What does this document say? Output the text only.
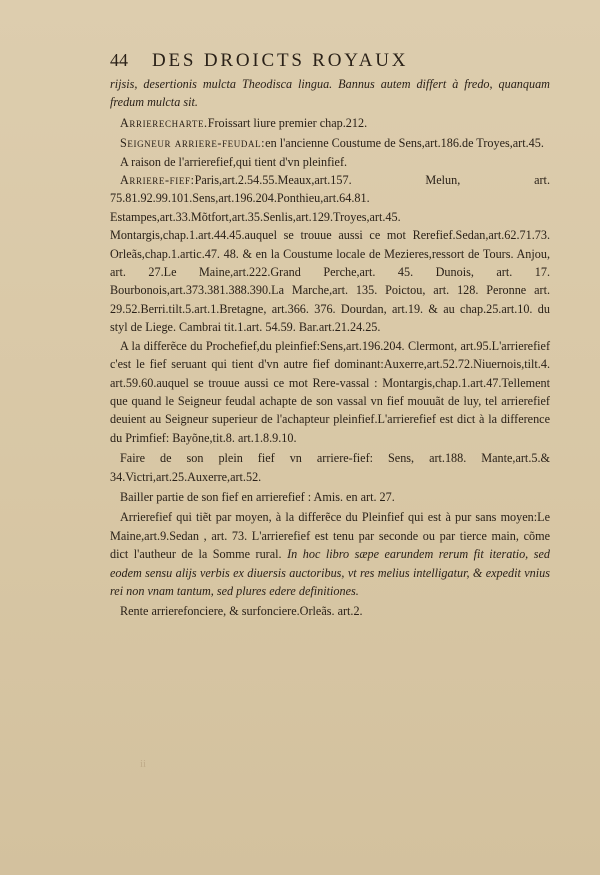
44 DES DROICTS ROYAUX

rijsis, desertionis mulcta Theodisca lingua. Bannus autem differt à fredo, quanquam fredum mulcta sit.

Arrierecharte.Froissart liure premier chap.212.

Seigneur arriere-feudal:en l'ancienne Coustume de Sens,art.186.de Troyes,art.45.

A raison de l'arrierefief,qui tient d'vn pleinfief.

Arriere-fief:Paris,art.2.54.55.Meaux,art.157. Melun, art. 75.81.92.99.101.Sens,art.196.204.Ponthieu,art.64.81. Estampes,art.33.Mõtfort,art.35.Senlis,art.129.Troyes,art.45. Montargis,chap.1.art.44.45.auquel se trouue aussi ce mot Rerefief.Sedan,art.62.71.73. Orleãs,chap.1.artic.47. 48. & en la Coustume locale de Mezieres,ressort de Tours. Anjou, art. 27.Le Maine,art.222.Grand Perche,art. 45. Dunois, art. 17. Bourbonois,art.373.381.388.390.La Marche,art. 135. Poictou, art. 128. Peronne art. 29.52.Berri.tilt.5.art.1.Bretagne, art.366. 376. Dourdan, art.19. & au chap.25.art.10. du styl de Liege. Cambrai tit.1.art. 54.59. Bar.art.21.24.25.

A la differẽce du Prochefief,du pleinfief:Sens,art.196.204. Clermont, art.95.L'arrierefief c'est le fief seruant qui tient d'vn autre fief dominant:Auxerre,art.52.72.Niuernois,tilt.4. art.59.60.auquel se trouue aussi ce mot Rere-vassal : Montargis,chap.1.art.47.Tellement que quand le Seigneur feudal achapte de son vassal vn fief mouuãt de luy, tel arrierefief deuient au Seigneur superieur de l'achapteur pleinfief.L'arrierefief est dict à la difference du Primfief: Bayõne,tit.8. art.1.8.9.10.

Faire de son plein fief vn arriere-fief: Sens, art.188. Mante,art.5.& 34.Victri,art.25.Auxerre,art.52.

Bailler partie de son fief en arrierefief : Amis. en art. 27.

Arrierefief qui tiẽt par moyen, à la differẽce du Pleinfief qui est à pur sans moyen:Le Maine,art.9.Sedan , art. 73. L'arrierefief est tenu par seconde ou par tierce main, cõme dict l'autheur de la Somme rural. In hoc libro sæpe earundem rerum fit iteratio, sed eodem sensu alijs verbis ex diuersis auctoribus, vt res melius intelligatur, & expedit vnius rei non vnam tantum, sed plures edere definitiones.

Rente arrierefonciere, & surfonciere.Orleãs. art.2.

ii
